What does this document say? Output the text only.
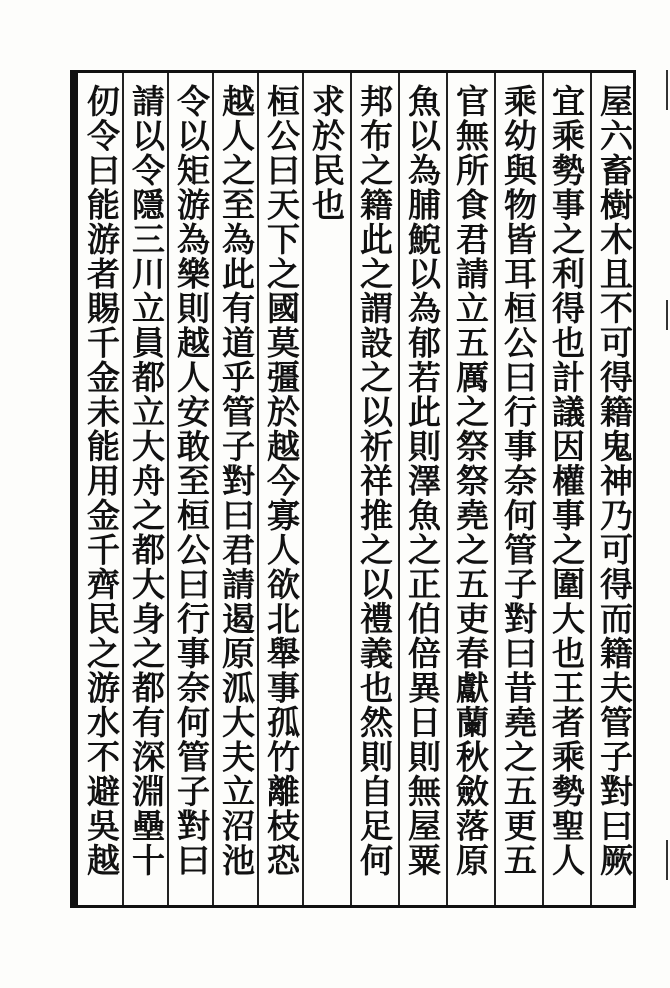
屋六畜樹木且不可得籍鬼神乃可得而籍夫管子對曰厥
宜乘勢事之利得也計議因權事之圍大也王者乘勢聖人
乘幼與物皆耳桓公曰行事奈何管子對曰昔堯之五更五
官無所食君請立五厲之祭祭堯之五吏春獻蘭秋斂落原
魚以為脯鯢以為郁若此則澤魚之正伯倍異日則無屋粟
邦布之籍此之謂設之以祈祥推之以禮義也然則自足何
求於民也
桓公曰天下之國莫彊於越今寡人欲北舉事孤竹離枝恐
越人之至為此有道乎管子對曰君請遏原泒大夫立沼池
令以矩游為樂則越人安敢至桓公曰行事奈何管子對曰
請以令隱三川立員都立大舟之都大身之都有深淵壘十
仞令曰能游者賜千金未能用金千齊民之游水不避吳越
